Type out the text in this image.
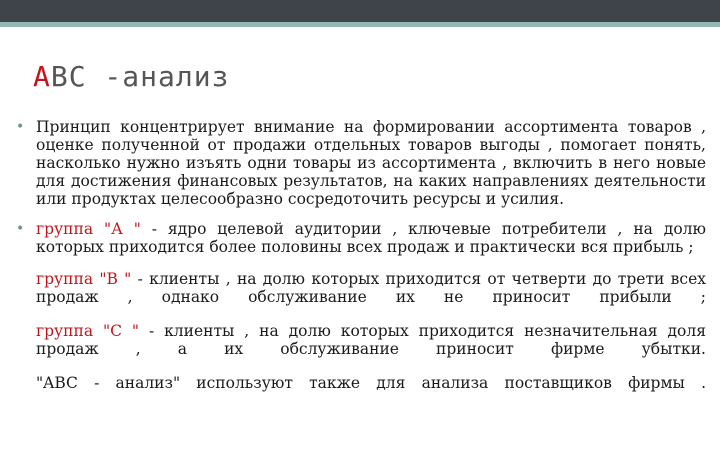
ABC -анализ

• Принцип концентрирует внимание на формировании ассортимента товаров , оценке полученной от продажи отдельных товаров выгоды , помогает понять, насколько нужно изъять одни товары из ассортимента , включить в него новые для достижения финансовых результатов, на каких направлениях деятельности или продуктах целесообразно сосредоточить ресурсы и усилия.

• группа "А " - ядро целевой аудитории , ключевые потребители , на долю которых приходится более половины всех продаж и практически вся прибыль ;

группа "В " - клиенты , на долю которых приходится от четверти до трети всех продаж , однако обслуживание их не приносит прибыли ;

группа "С " - клиенты , на долю которых приходится незначительная доля продаж , а их обслуживание приносит фирме убытки.

"ABC - анализ" используют также для анализа поставщиков фирмы .
